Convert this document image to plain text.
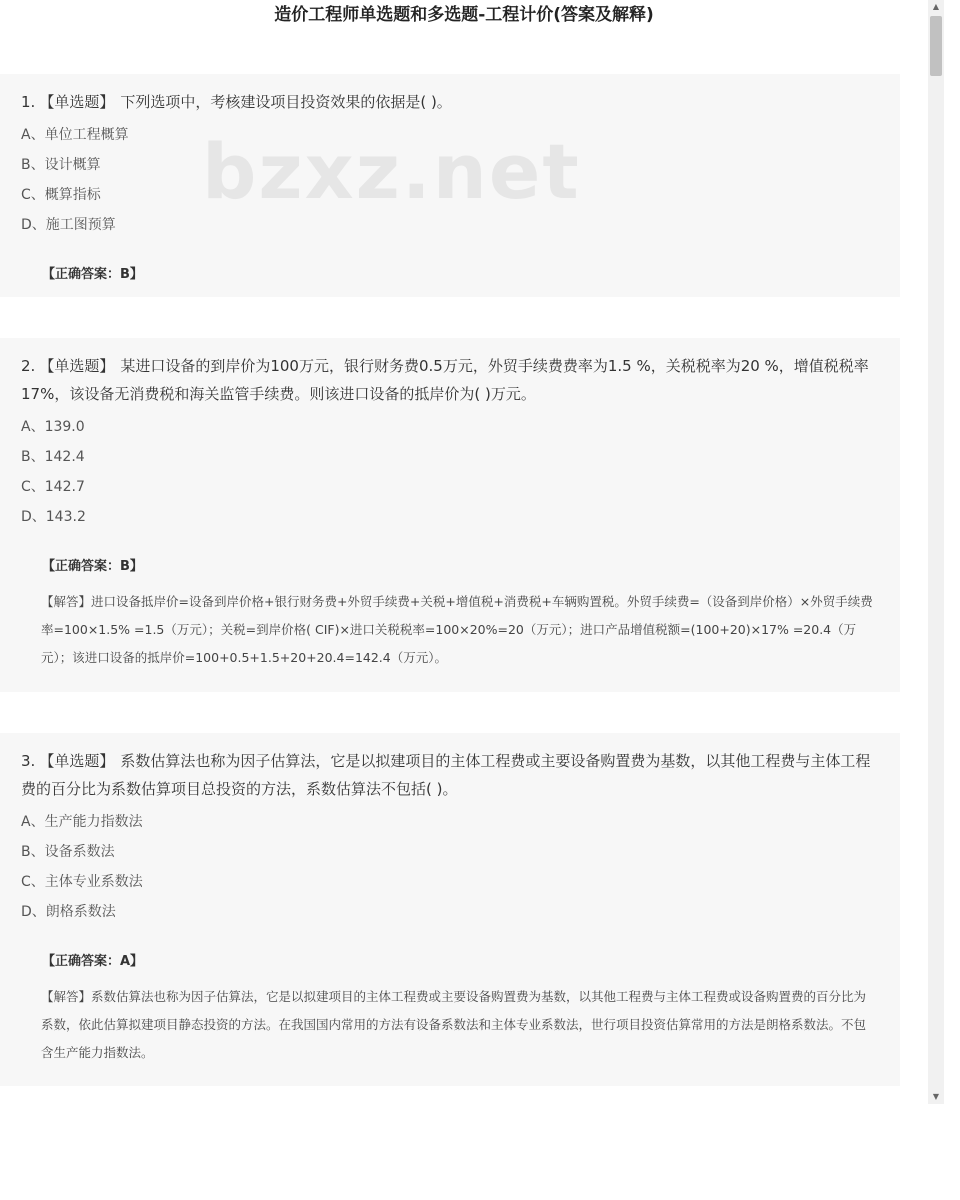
造价工程师单选题和多选题-工程计价(答案及解释)

1. 【单选题】 下列选项中，考核建设项目投资效果的依据是( )。

A、单位工程概算
B、设计概算
C、概算指标
D、施工图预算
【正确答案：B】

2. 【单选题】 某进口设备的到岸价为100万元，银行财务费0.5万元，外贸手续费费率为1.5 %，关税税率为20 %，增值税税率17%，该设备无消费税和海关监管手续费。则该进口设备的抵岸价为( )万元。

A、139.0
B、142.4
C、142.7
D、143.2
【正确答案：B】
【解答】进口设备抵岸价=设备到岸价格+银行财务费+外贸手续费+关税+增值税+消费税+车辆购置税。外贸手续费=（设备到岸价格）×外贸手续费率=100×1.5% =1.5（万元）；关税=到岸价格( CIF)×进口关税税率=100×20%=20（万元）；进口产品增值税额=(100+20)×17% =20.4（万元）；该进口设备的抵岸价=100+0.5+1.5+20+20.4=142.4（万元）。

3. 【单选题】 系数估算法也称为因子估算法，它是以拟建项目的主体工程费或主要设备购置费为基数，以其他工程费与主体工程费的百分比为系数估算项目总投资的方法，系数估算法不包括( )。

A、生产能力指数法
B、设备系数法
C、主体专业系数法
D、朗格系数法
【正确答案：A】
【解答】系数估算法也称为因子估算法，它是以拟建项目的主体工程费或主要设备购置费为基数，以其他工程费与主体工程费或设备购置费的百分比为系数，依此估算拟建项目静态投资的方法。在我国国内常用的方法有设备系数法和主体专业系数法，世行项目投资估算常用的方法是朗格系数法。不包含生产能力指数法。
bzxz.net
▲
▼
